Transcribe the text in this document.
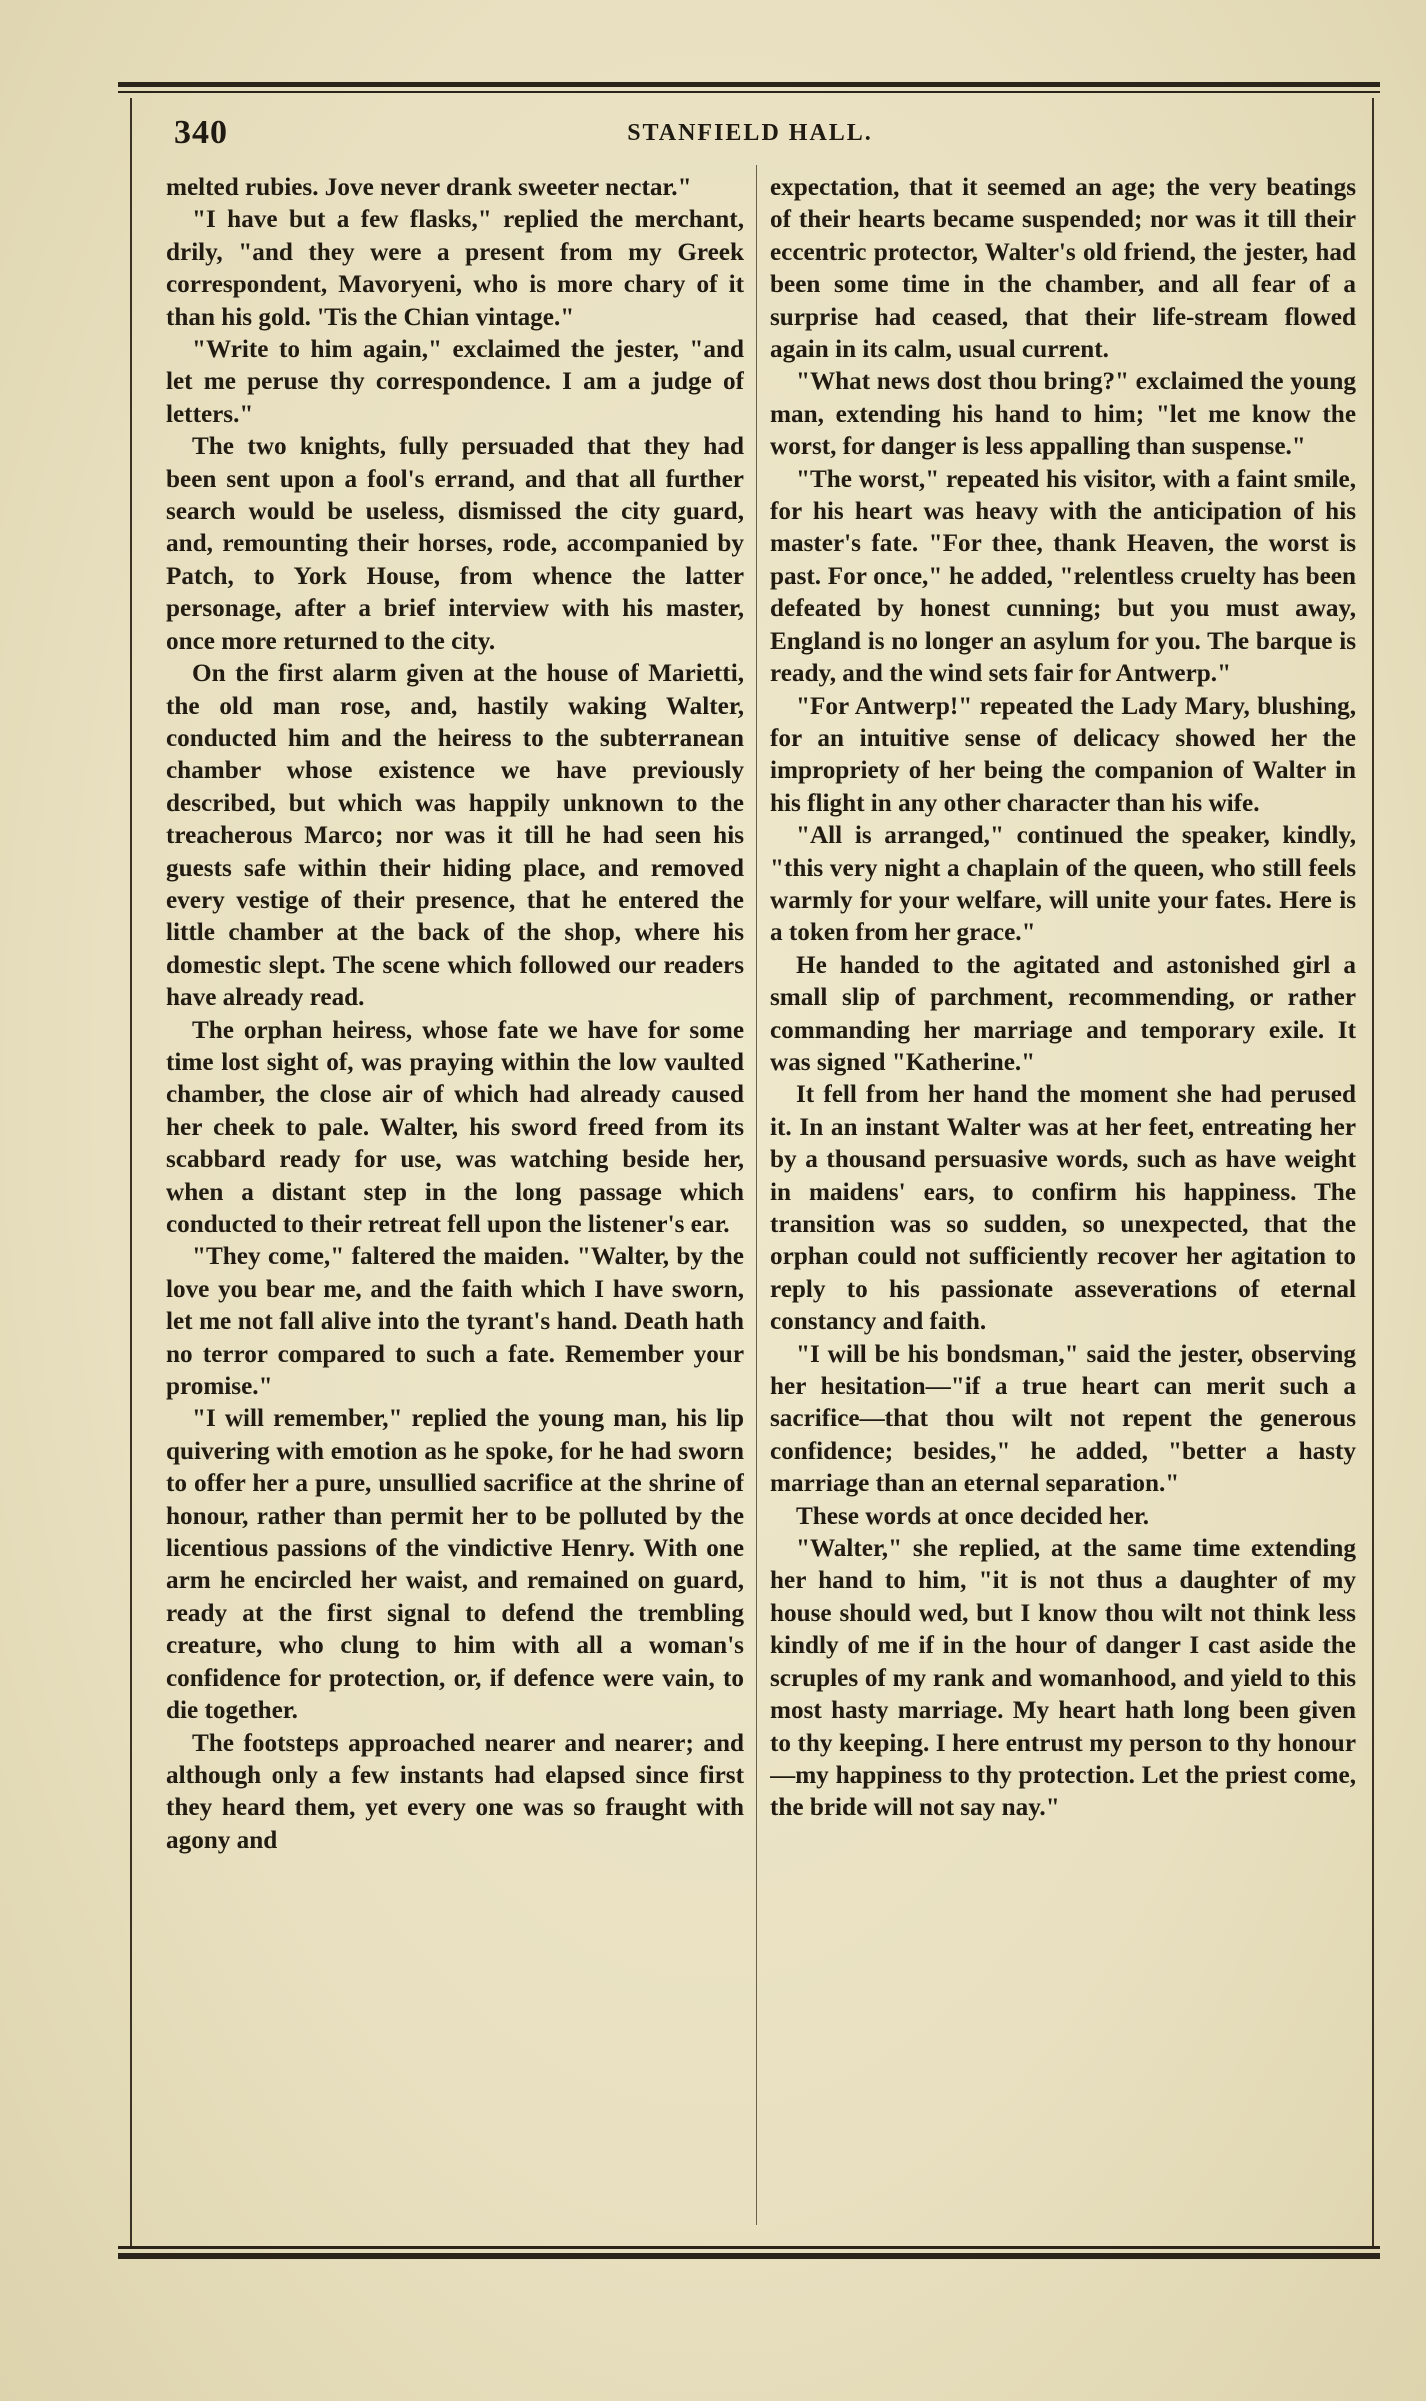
340	STANFIELD HALL.

melted rubies. Jove never drank sweeter nectar."

"I have but a few flasks," replied the merchant, drily, "and they were a present from my Greek correspondent, Mavoryeni, who is more chary of it than his gold. 'Tis the Chian vintage."

"Write to him again," exclaimed the jester, "and let me peruse thy correspondence. I am a judge of letters."

The two knights, fully persuaded that they had been sent upon a fool's errand, and that all further search would be useless, dismissed the city guard, and, remounting their horses, rode, accompanied by Patch, to York House, from whence the latter personage, after a brief interview with his master, once more returned to the city.

On the first alarm given at the house of Marietti, the old man rose, and, hastily waking Walter, conducted him and the heiress to the subterranean chamber whose existence we have previously described, but which was happily unknown to the treacherous Marco; nor was it till he had seen his guests safe within their hiding place, and removed every vestige of their presence, that he entered the little chamber at the back of the shop, where his domestic slept. The scene which followed our readers have already read.

The orphan heiress, whose fate we have for some time lost sight of, was praying within the low vaulted chamber, the close air of which had already caused her cheek to pale. Walter, his sword freed from its scabbard ready for use, was watching beside her, when a distant step in the long passage which conducted to their retreat fell upon the listener's ear.

"They come," faltered the maiden. "Walter, by the love you bear me, and the faith which I have sworn, let me not fall alive into the tyrant's hand. Death hath no terror compared to such a fate. Remember your promise."

"I will remember," replied the young man, his lip quivering with emotion as he spoke, for he had sworn to offer her a pure, unsullied sacrifice at the shrine of honour, rather than permit her to be polluted by the licentious passions of the vindictive Henry. With one arm he encircled her waist, and remained on guard, ready at the first signal to defend the trembling creature, who clung to him with all a woman's confidence for protection, or, if defence were vain, to die together.

The footsteps approached nearer and nearer; and although only a few instants had elapsed since first they heard them, yet every one was so fraught with agony and

expectation, that it seemed an age; the very beatings of their hearts became suspended; nor was it till their eccentric protector, Walter's old friend, the jester, had been some time in the chamber, and all fear of a surprise had ceased, that their life-stream flowed again in its calm, usual current.

"What news dost thou bring?" exclaimed the young man, extending his hand to him; "let me know the worst, for danger is less appalling than suspense."

"The worst," repeated his visitor, with a faint smile, for his heart was heavy with the anticipation of his master's fate. "For thee, thank Heaven, the worst is past. For once," he added, "relentless cruelty has been defeated by honest cunning; but you must away, England is no longer an asylum for you. The barque is ready, and the wind sets fair for Antwerp."

"For Antwerp!" repeated the Lady Mary, blushing, for an intuitive sense of delicacy showed her the impropriety of her being the companion of Walter in his flight in any other character than his wife.

"All is arranged," continued the speaker, kindly, "this very night a chaplain of the queen, who still feels warmly for your welfare, will unite your fates. Here is a token from her grace."

He handed to the agitated and astonished girl a small slip of parchment, recommending, or rather commanding her marriage and temporary exile. It was signed "Katherine."

It fell from her hand the moment she had perused it. In an instant Walter was at her feet, entreating her by a thousand persuasive words, such as have weight in maidens' ears, to confirm his happiness. The transition was so sudden, so unexpected, that the orphan could not sufficiently recover her agitation to reply to his passionate asseverations of eternal constancy and faith.

"I will be his bondsman," said the jester, observing her hesitation—"if a true heart can merit such a sacrifice—that thou wilt not repent the generous confidence; besides," he added, "better a hasty marriage than an eternal separation."

These words at once decided her.

"Walter," she replied, at the same time extending her hand to him, "it is not thus a daughter of my house should wed, but I know thou wilt not think less kindly of me if in the hour of danger I cast aside the scruples of my rank and womanhood, and yield to this most hasty marriage. My heart hath long been given to thy keeping. I here entrust my person to thy honour—my happiness to thy protection. Let the priest come, the bride will not say nay."
